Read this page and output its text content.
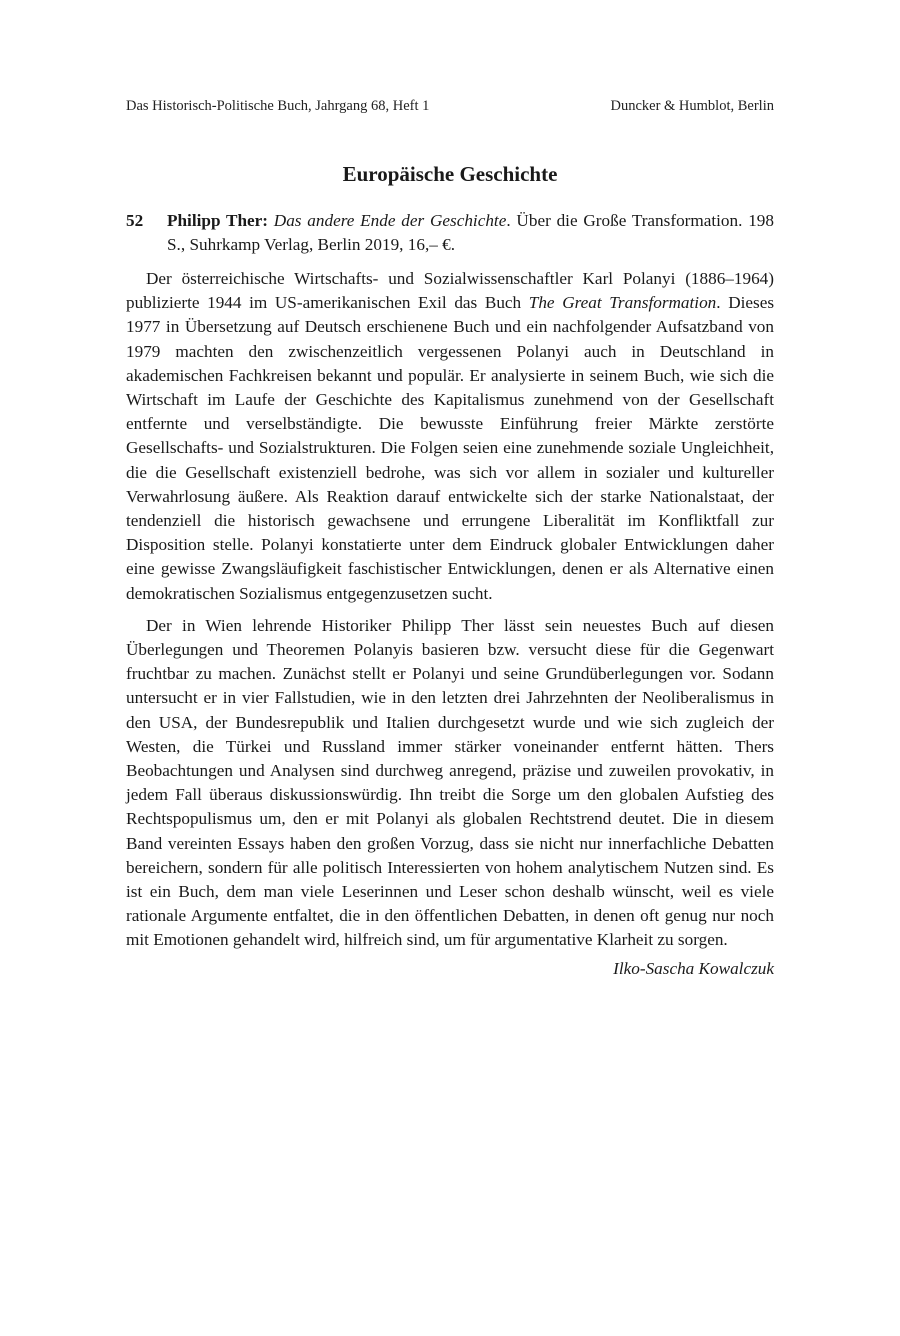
Das Historisch-Politische Buch, Jahrgang 68, Heft 1	Duncker & Humblot, Berlin
Europäische Geschichte
52 Philipp Ther: Das andere Ende der Geschichte. Über die Große Transformation. 198 S., Suhrkamp Verlag, Berlin 2019, 16,– €.

Der österreichische Wirtschafts- und Sozialwissenschaftler Karl Polanyi (1886–1964) publizierte 1944 im US-amerikanischen Exil das Buch The Great Transformation. Dieses 1977 in Übersetzung auf Deutsch erschienene Buch und ein nachfolgender Aufsatzband von 1979 machten den zwischenzeitlich vergessenen Polanyi auch in Deutschland in akademischen Fachkreisen bekannt und populär. Er analysierte in seinem Buch, wie sich die Wirtschaft im Laufe der Geschichte des Kapitalismus zunehmend von der Gesellschaft entfernte und verselbständigte. Die bewusste Einführung freier Märkte zerstörte Gesellschafts- und Sozialstrukturen. Die Folgen seien eine zunehmende soziale Ungleichheit, die die Gesellschaft existenziell bedrohe, was sich vor allem in sozialer und kultureller Verwahrlosung äußere. Als Reaktion darauf entwickelte sich der starke Nationalstaat, der tendenziell die historisch gewachsene und errungene Liberalität im Konfliktfall zur Disposition stelle. Polanyi konstatierte unter dem Eindruck globaler Entwicklungen daher eine gewisse Zwangsläufigkeit faschistischer Entwicklungen, denen er als Alternative einen demokratischen Sozialismus entgegenzusetzen sucht.

Der in Wien lehrende Historiker Philipp Ther lässt sein neuestes Buch auf diesen Überlegungen und Theoremen Polanyis basieren bzw. versucht diese für die Gegenwart fruchtbar zu machen. Zunächst stellt er Polanyi und seine Grundüberlegungen vor. Sodann untersucht er in vier Fallstudien, wie in den letzten drei Jahrzehnten der Neoliberalismus in den USA, der Bundesrepublik und Italien durchgesetzt wurde und wie sich zugleich der Westen, die Türkei und Russland immer stärker voneinander entfernt hätten. Thers Beobachtungen und Analysen sind durchweg anregend, präzise und zuweilen provokativ, in jedem Fall überaus diskussionswürdig. Ihn treibt die Sorge um den globalen Aufstieg des Rechtspopulismus um, den er mit Polanyi als globalen Rechtstrend deutet. Die in diesem Band vereinten Essays haben den großen Vorzug, dass sie nicht nur innerfachliche Debatten bereichern, sondern für alle politisch Interessierten von hohem analytischem Nutzen sind. Es ist ein Buch, dem man viele Leserinnen und Leser schon deshalb wünscht, weil es viele rationale Argumente entfaltet, die in den öffentlichen Debatten, in denen oft genug nur noch mit Emotionen gehandelt wird, hilfreich sind, um für argumentative Klarheit zu sorgen.

Ilko-Sascha Kowalczuk
